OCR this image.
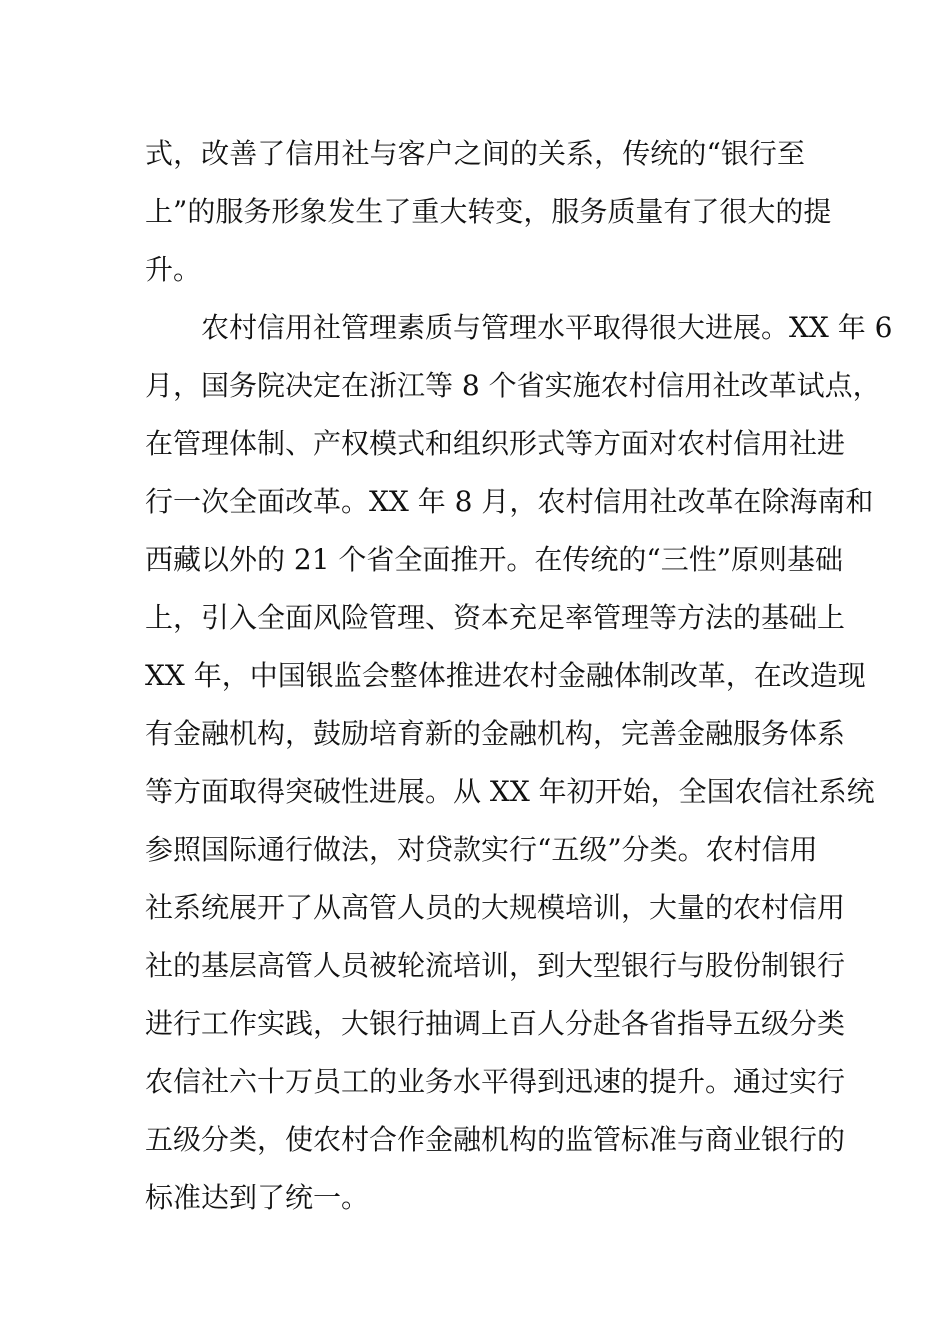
式，改善了信用社与客户之间的关系，传统的“银行至
上”的服务形象发生了重大转变，服务质量有了很大的提
升。
农村信用社管理素质与管理水平取得很大进展。XX 年 6
月，国务院决定在浙江等 8 个省实施农村信用社改革试点，
在管理体制、产权模式和组织形式等方面对农村信用社进
行一次全面改革。XX 年 8 月，农村信用社改革在除海南和
西藏以外的 21 个省全面推开。在传统的“三性”原则基础
上，引入全面风险管理、资本充足率管理等方法的基础上
XX 年，中国银监会整体推进农村金融体制改革，在改造现
有金融机构，鼓励培育新的金融机构，完善金融服务体系
等方面取得突破性进展。从 XX 年初开始，全国农信社系统
参照国际通行做法，对贷款实行“五级”分类。农村信用
社系统展开了从高管人员的大规模培训，大量的农村信用
社的基层高管人员被轮流培训，到大型银行与股份制银行
进行工作实践，大银行抽调上百人分赴各省指导五级分类
农信社六十万员工的业务水平得到迅速的提升。通过实行
五级分类，使农村合作金融机构的监管标准与商业银行的
标准达到了统一。
